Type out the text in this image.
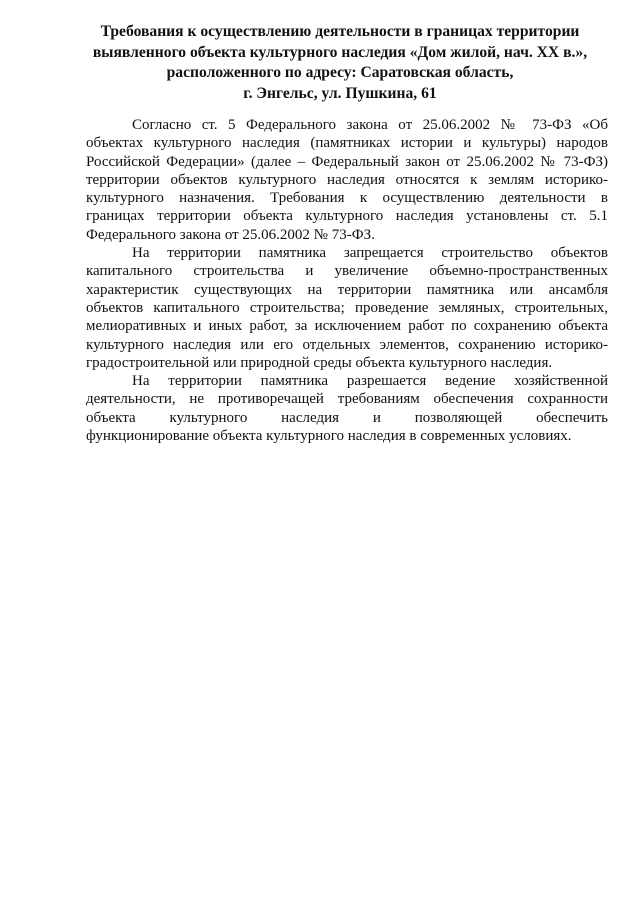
Требования к осуществлению деятельности в границах территории
выявленного объекта культурного наследия «Дом жилой, нач. XX в.»,
расположенного по адресу: Саратовская область,
г. Энгельс, ул. Пушкина, 61

Согласно ст. 5 Федерального закона от 25.06.2002 № 73-ФЗ «Об
объектах культурного наследия (памятниках истории и культуры) народов
Российской Федерации» (далее – Федеральный закон от 25.06.2002 № 73-ФЗ)
территории объектов культурного наследия относятся к землям историко-
культурного назначения. Требования к осуществлению деятельности в
границах территории объекта культурного наследия установлены ст. 5.1
Федерального закона от 25.06.2002 № 73-ФЗ.

На территории памятника запрещается строительство объектов
капитального строительства и увеличение объемно-пространственных
характеристик существующих на территории памятника или ансамбля
объектов капитального строительства; проведение земляных, строительных,
мелиоративных и иных работ, за исключением работ по сохранению объекта
культурного наследия или его отдельных элементов, сохранению историко-
градостроительной или природной среды объекта культурного наследия.

На территории памятника разрешается ведение хозяйственной
деятельности, не противоречащей требованиям обеспечения сохранности
объекта культурного наследия и позволяющей обеспечить
функционирование объекта культурного наследия в современных условиях.
